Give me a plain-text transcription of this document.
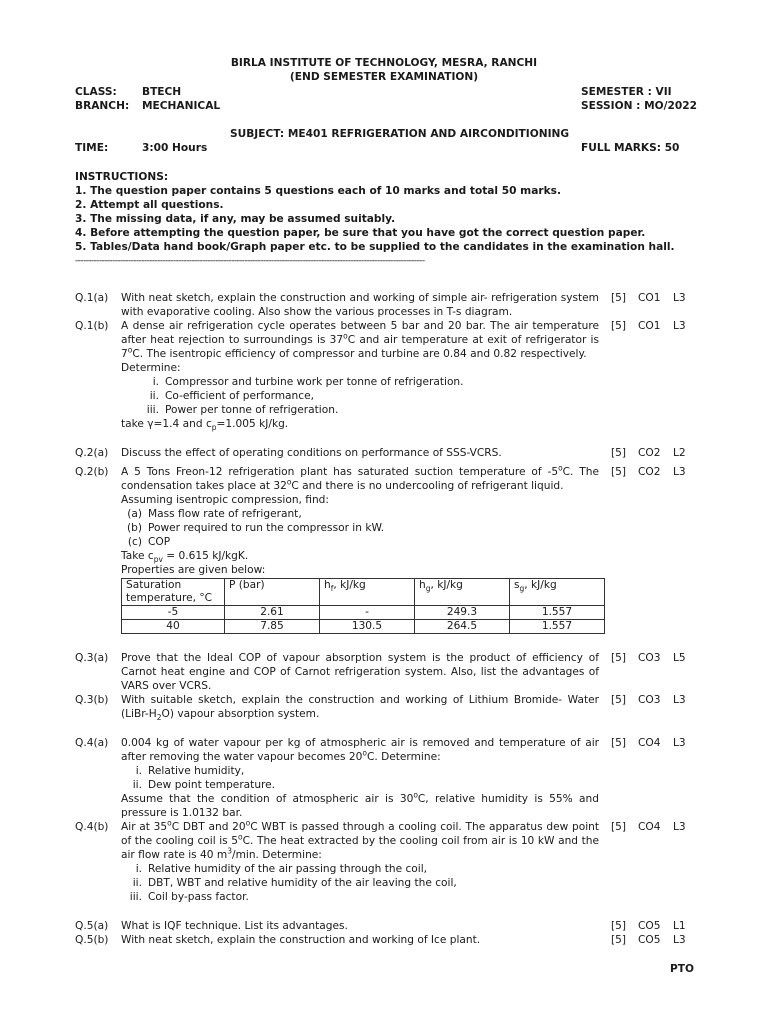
BIRLA INSTITUTE OF TECHNOLOGY, MESRA, RANCHI
(END SEMESTER EXAMINATION)
CLASS: BTECH	SEMESTER : VII
BRANCH: MECHANICAL	SESSION : MO/2022
SUBJECT: ME401 REFRIGERATION AND AIRCONDITIONING
TIME:	3:00 Hours	FULL MARKS: 50
INSTRUCTIONS:
1. The question paper contains 5 questions each of 10 marks and total 50 marks.
2. Attempt all questions.
3. The missing data, if any, may be assumed suitably.
4. Before attempting the question paper, be sure that you have got the correct question paper.
5. Tables/Data hand book/Graph paper etc. to be supplied to the candidates in the examination hall.
------------------------------------------------------------------------------------------------------------------------------------
Q.1(a)	With neat sketch, explain the construction and working of simple air- refrigeration system with evaporative cooling. Also show the various processes in T-s diagram.
[5]	CO1	L3
Q.1(b)	A dense air refrigeration cycle operates between 5 bar and 20 bar. The air temperature after heat rejection to surroundings is 37$^o$C and air temperature at exit of refrigerator is 7$^o$C. The isentropic efficiency of compressor and turbine are 0.84 and 0.82 respectively.

Determine:

[5]	CO1	L3
i. Compressor and turbine work per tonne of refrigeration.
ii. Co-efficient of performance,
iii. Power per tonne of refrigeration.
take γ=1.4 and $c_p=1.005$ kJ/kg.
Q.2(a)	Discuss the effect of operating conditions on performance of SSS-VCRS.	[5]	CO2	L2
Q.2(b)	A 5 Tons Freon-12 refrigeration plant has saturated suction temperature of -5$^o$C. The condensation takes place at 32$^o$C and there is no undercooling of refrigerant liquid.

Assuming isentropic compression, find:

[5]	CO2	L3
(a) Mass flow rate of refrigerant,
(b) Power required to run the compressor in kW.
(c) COP
Take $c_{pv} = 0.615$ kJ/kgK.
Properties are given below:
Saturation temperature, °C	P (bar)	$h_f$, kJ/kg	$h_g$, kJ/kg	$s_g$, kJ/kg
-5	2.61	-	249.3	1.557
40	7.85	130.5	264.5	1.557
Q.3(a)	Prove that the Ideal COP of vapour absorption system is the product of efficiency of Carnot heat engine and COP of Carnot refrigeration system. Also, list the advantages of VARS over VCRS.
[5]	CO3	L5
Q.3(b)	With suitable sketch, explain the construction and working of Lithium Bromide- Water $(LiBr-H_2O)$ vapour absorption system.
[5]	CO3	L3
Q.4(a)	0.004 kg of water vapour per kg of atmospheric air is removed and temperature of air after removing the water vapour becomes 20$^o$C. Determine:
[5]	CO4	L3
i. Relative humidity,
ii. Dew point temperature.
Assume that the condition of atmospheric air is 30$^o$C, relative humidity is 55% and pressure is 1.0132 bar.
Q.4(b)	Air at 35$^o$C DBT and 20$^o$C WBT is passed through a cooling coil. The apparatus dew point of the cooling coil is 5$^o$C. The heat extracted by the cooling coil from air is 10 kW and the air flow rate is 40 $m^3/\min$. Determine:
[5]	CO4	L3
i. Relative humidity of the air passing through the coil,
ii. DBT, WBT and relative humidity of the air leaving the coil,
iii. Coil by-pass factor.
Q.5(a)	What is IQF technique. List its advantages.	[5]	CO5	L1
Q.5(b)	With neat sketch, explain the construction and working of Ice plant.	[5]	CO5	L3
PTO
